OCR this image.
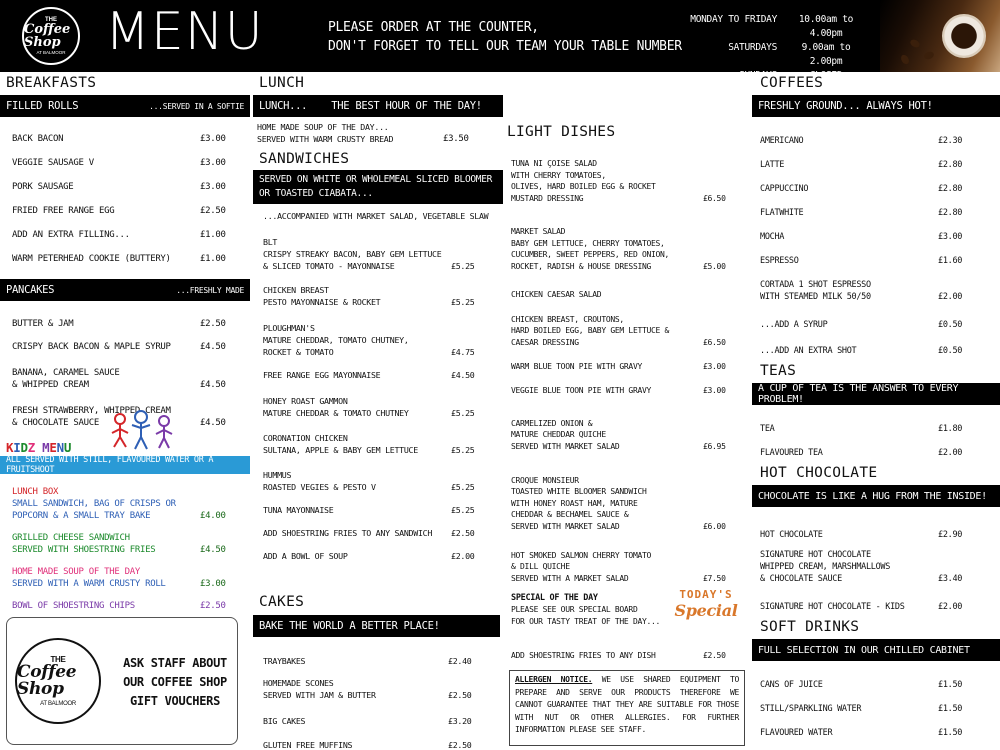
THE
Coffee Shop
AT BALMOOR MENU	PLEASE ORDER AT THE COUNTER,
DON'T FORGET TO TELL OUR TEAM YOUR TABLE NUMBER
MONDAY TO FRIDAY	10.00am to 4.00pm
SATURDAYS	9.00am to 2.00pm
SUNDAYS	CLOSED
BREAKFASTS
FILLED ROLLS	...SERVED IN A SOFTIE
BACK BACON	£3.00
VEGGIE SAUSAGE V	£3.00
PORK SAUSAGE	£3.00
FRIED FREE RANGE EGG	£2.50
ADD AN EXTRA FILLING...	£1.00
WARM PETERHEAD COOKIE (BUTTERY)	£1.00
PANCAKES	...FRESHLY MADE
BUTTER & JAM	£2.50
CRISPY BACK BACON & MAPLE SYRUP	£4.50
BANANA, CARAMEL SAUCE
& WHIPPED CREAM	£4.50
FRESH STRAWBERRY, WHIPPED CREAM
& CHOCOLATE SAUCE	£4.50
KIDZ MENU
ALL SERVED WITH STILL, FLAVOURED WATER OR A FRUITSHOOT
LUNCH BOX
SMALL SANDWICH, BAG OF CRISPS OR
POPCORN & A SMALL TRAY BAKE	£4.00
GRILLED CHEESE SANDWICH
SERVED WITH SHOESTRING FRIES	£4.50
HOME MADE SOUP OF THE DAY
SERVED WITH A WARM CRUSTY ROLL	£3.00
BOWL OF SHOESTRING CHIPS	£2.50
THE
Coffee Shop
AT BALMOOR
ASK STAFF ABOUT
OUR COFFEE SHOP
GIFT VOUCHERS
LUNCH
LUNCH...    THE BEST HOUR OF THE DAY!
HOME MADE SOUP OF THE DAY...
SERVED WITH WARM CRUSTY BREAD	£3.50
SANDWICHES
SERVED ON WHITE OR WHOLEMEAL SLICED BLOOMER
OR TOASTED CIABATA...
...ACCOMPANIED WITH MARKET SALAD, VEGETABLE SLAW
BLT
CRISPY STREAKY BACON, BABY GEM LETTUCE
& SLICED TOMATO - MAYONNAISE	£5.25
CHICKEN BREAST
PESTO MAYONNAISE & ROCKET	£5.25
PLOUGHMAN'S
MATURE CHEDDAR, TOMATO CHUTNEY,
ROCKET & TOMATO	£4.75
FREE RANGE EGG MAYONNAISE	£4.50
HONEY ROAST GAMMON
MATURE CHEDDAR & TOMATO CHUTNEY	£5.25
CORONATION CHICKEN
SULTANA, APPLE & BABY GEM LETTUCE	£5.25
HUMMUS
ROASTED VEGIES & PESTO V	£5.25
TUNA MAYONNAISE	£5.25
ADD SHOESTRING FRIES TO ANY SANDWICH	£2.50
ADD A BOWL OF SOUP	£2.00
CAKES
BAKE THE WORLD A BETTER PLACE!
TRAYBAKES	£2.40
HOMEMADE SCONES
SERVED WITH JAM & BUTTER	£2.50
BIG CAKES	£3.20
GLUTEN FREE MUFFINS	£2.50
LIGHT DISHES
TUNA NI ÇOISE SALAD
WITH CHERRY TOMATOES,
OLIVES, HARD BOILED EGG & ROCKET
MUSTARD DRESSING	£6.50
MARKET SALAD
BABY GEM LETTUCE, CHERRY TOMATOES,
CUCUMBER, SWEET PEPPERS, RED ONION,
ROCKET, RADISH & HOUSE DRESSING	£5.00
CHICKEN CAESAR SALAD
CHICKEN BREAST, CROUTONS,
HARD BOILED EGG, BABY GEM LETTUCE &
CAESAR DRESSING	£6.50
WARM BLUE TOON PIE WITH GRAVY	£3.00
VEGGIE BLUE TOON PIE WITH GRAVY	£3.00
CARMELIZED ONION &
MATURE CHEDDAR QUICHE
SERVED WITH MARKET SALAD	£6.95
CROQUE MONSIEUR
TOASTED WHITE BLOOMER SANDWICH
WITH HONEY ROAST HAM, MATURE
CHEDDAR & BECHAMEL SAUCE &
SERVED WITH MARKET SALAD	£6.00
HOT SMOKED SALMON CHERRY TOMATO
& DILL QUICHE
SERVED WITH A MARKET SALAD	£7.50
SPECIAL OF THE DAY
PLEASE SEE OUR SPECIAL BOARD
FOR OUR TASTY TREAT OF THE DAY...
TODAY'S
Special
ADD SHOESTRING FRIES TO ANY DISH	£2.50
ALLERGEN NOTICE. WE USE SHARED EQUIPMENT TO PREPARE AND SERVE OUR PRODUCTS THEREFORE WE CANNOT GUARANTEE THAT THEY ARE SUITABLE FOR THOSE WITH NUT OR OTHER ALLERGIES. FOR FURTHER INFORMATION PLEASE SEE STAFF.
COFFEES
FRESHLY GROUND... ALWAYS HOT!
AMERICANO	£2.30
LATTE	£2.80
CAPPUCCINO	£2.80
FLATWHITE	£2.80
MOCHA	£3.00
ESPRESSO	£1.60
CORTADA 1 SHOT ESPRESSO
WITH STEAMED MILK 50/50	£2.00
...ADD A SYRUP	£0.50
...ADD AN EXTRA SHOT	£0.50
TEAS
A CUP OF TEA IS THE ANSWER TO EVERY PROBLEM!
TEA	£1.80
FLAVOURED TEA	£2.00
HOT CHOCOLATE
CHOCOLATE IS LIKE A HUG FROM THE INSIDE!
HOT CHOCOLATE	£2.90
SIGNATURE HOT CHOCOLATE
WHIPPED CREAM, MARSHMALLOWS
& CHOCOLATE SAUCE	£3.40
SIGNATURE HOT CHOCOLATE - KIDS	£2.00
SOFT DRINKS
FULL SELECTION IN OUR CHILLED CABINET
CANS OF JUICE	£1.50
STILL/SPARKLING WATER	£1.50
FLAVOURED WATER	£1.50
